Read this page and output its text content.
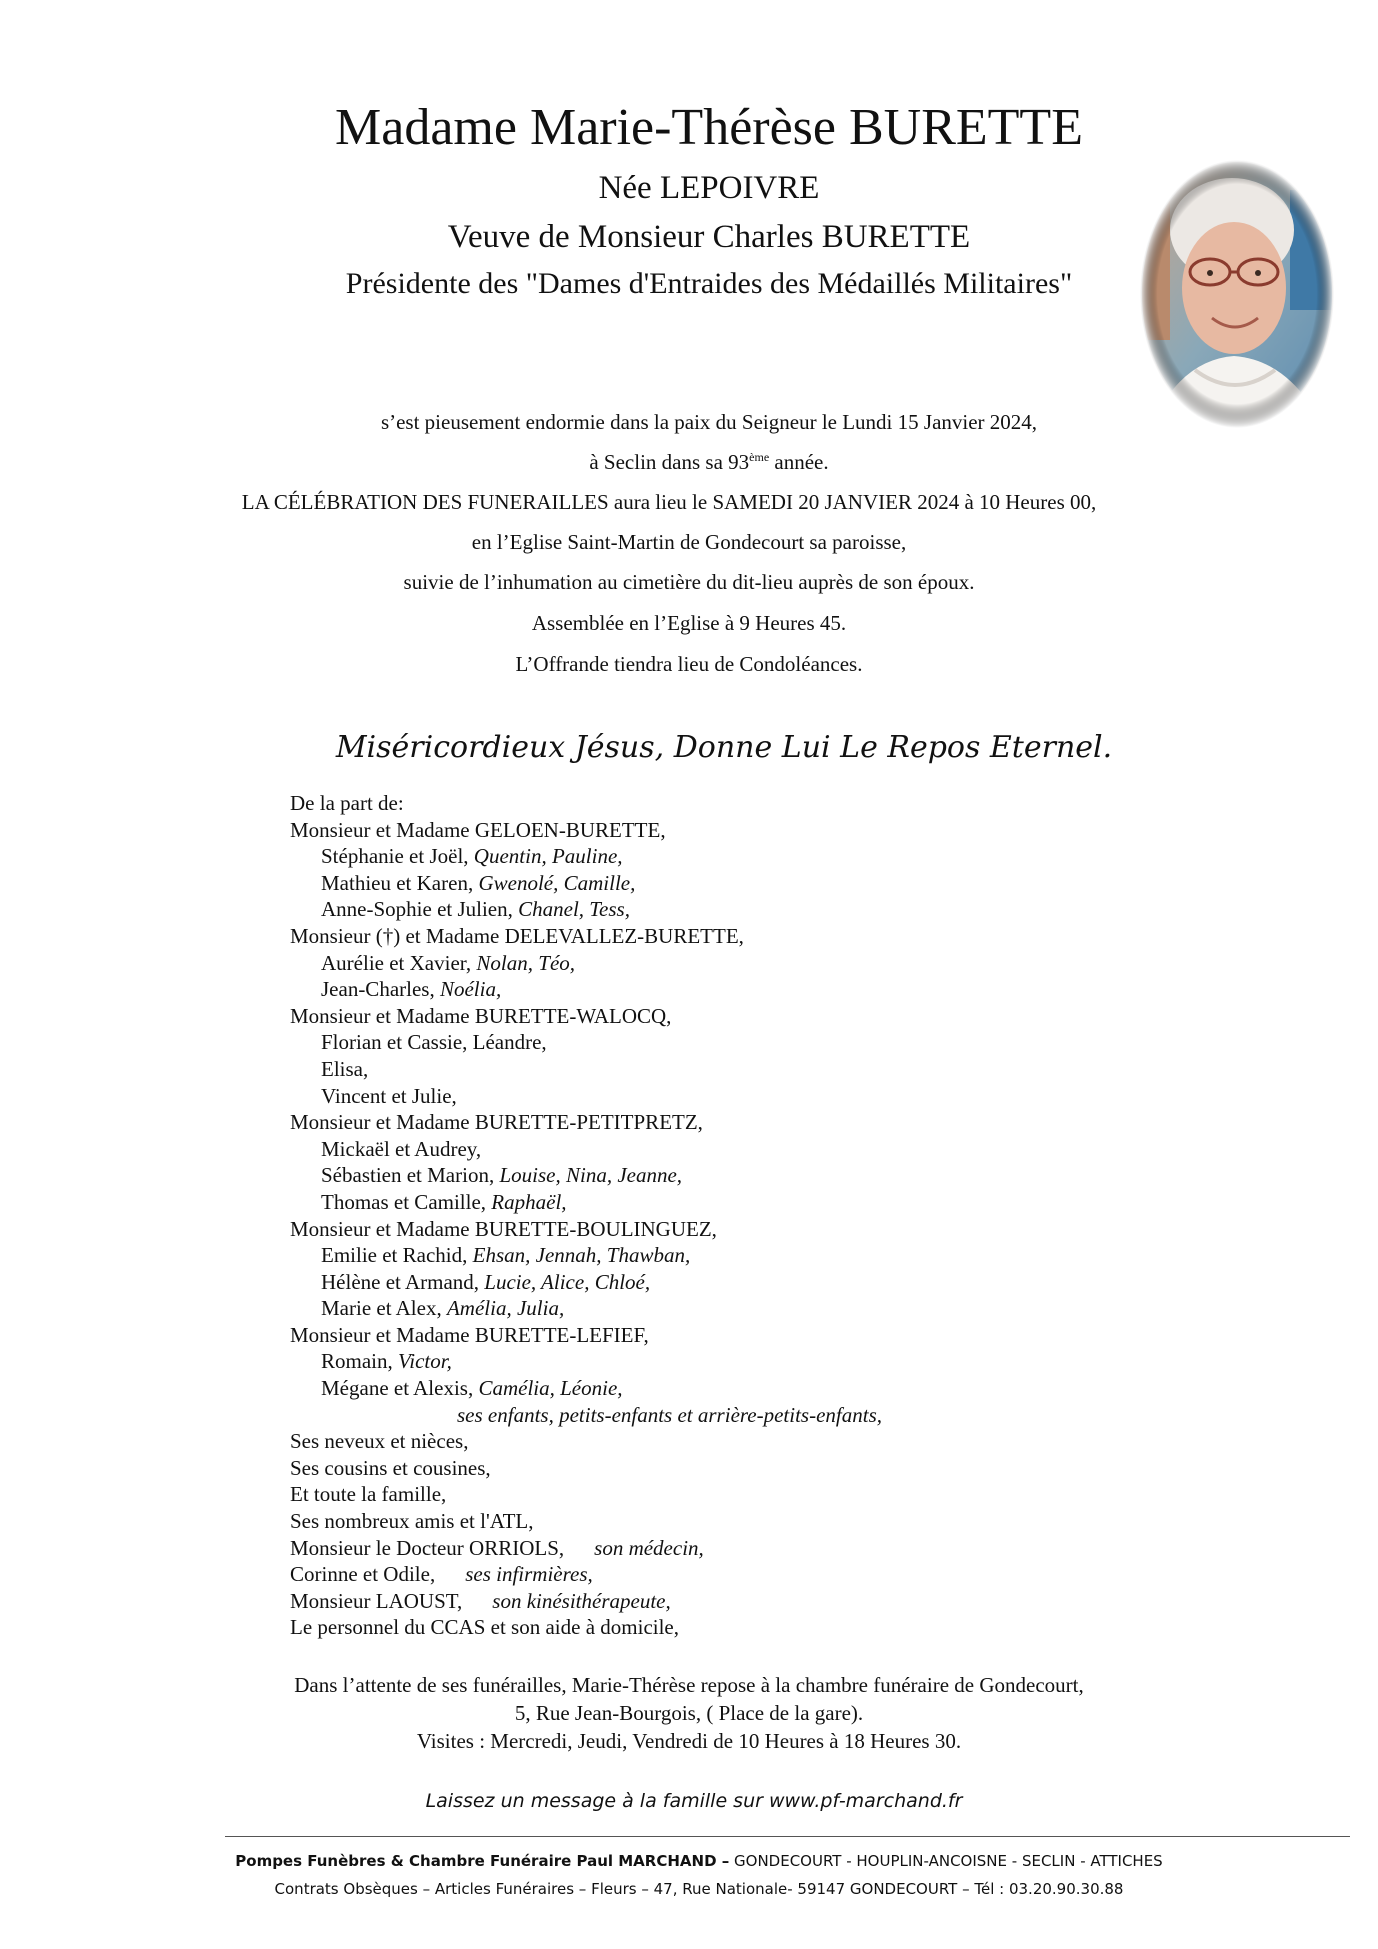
Madame Marie-Thérèse BURETTE
Née LEPOIVRE
Veuve de Monsieur Charles BURETTE
Présidente des "Dames d'Entraides des Médaillés Militaires"
s’est pieusement endormie dans la paix du Seigneur le Lundi 15 Janvier 2024,
à Seclin dans sa 93ème année.
LA CÉLÉBRATION DES FUNERAILLES aura lieu le SAMEDI 20 JANVIER 2024 à 10 Heures 00,
en l’Eglise Saint-Martin de Gondecourt sa paroisse,
suivie de l’inhumation au cimetière du dit-lieu auprès de son époux.
Assemblée en l’Eglise à 9 Heures 45.
L’Offrande tiendra lieu de Condoléances.
Miséricordieux Jésus, Donne Lui Le Repos Eternel.
De la part de:
Monsieur et Madame GELOEN-BURETTE,
Stéphanie et Joël, Quentin, Pauline,
Mathieu et Karen, Gwenolé, Camille,
Anne-Sophie et Julien, Chanel, Tess,
Monsieur (†) et Madame DELEVALLEZ-BURETTE,
Aurélie et Xavier, Nolan, Téo,
Jean-Charles, Noélia,
Monsieur et Madame BURETTE-WALOCQ,
Florian et Cassie, Léandre,
Elisa,
Vincent et Julie,
Monsieur et Madame BURETTE-PETITPRETZ,
Mickaël et Audrey,
Sébastien et Marion, Louise, Nina, Jeanne,
Thomas et Camille, Raphaël,
Monsieur et Madame BURETTE-BOULINGUEZ,
Emilie et Rachid, Ehsan, Jennah, Thawban,
Hélène et Armand, Lucie, Alice, Chloé,
Marie et Alex, Amélia, Julia,
Monsieur et Madame BURETTE-LEFIEF,
Romain, Victor,
Mégane et Alexis, Camélia, Léonie,
ses enfants, petits-enfants et arrière-petits-enfants,
Ses neveux et nièces,
Ses cousins et cousines,
Et toute la famille,
Ses nombreux amis et l'ATL,
Monsieur le Docteur ORRIOLS, son médecin,
Corinne et Odile, ses infirmières,
Monsieur LAOUST, son kinésithérapeute,
Le personnel du CCAS et son aide à domicile,
Dans l’attente de ses funérailles, Marie-Thérèse repose à la chambre funéraire de Gondecourt,
5, Rue Jean-Bourgois, ( Place de la gare).
Visites : Mercredi, Jeudi, Vendredi de 10 Heures à 18 Heures 30.
Laissez un message à la famille sur www.pf-marchand.fr
Pompes Funèbres & Chambre Funéraire Paul MARCHAND – GONDECOURT - HOUPLIN-ANCOISNE - SECLIN - ATTICHES
Contrats Obsèques – Articles Funéraires – Fleurs – 47, Rue Nationale- 59147 GONDECOURT – Tél : 03.20.90.30.88
